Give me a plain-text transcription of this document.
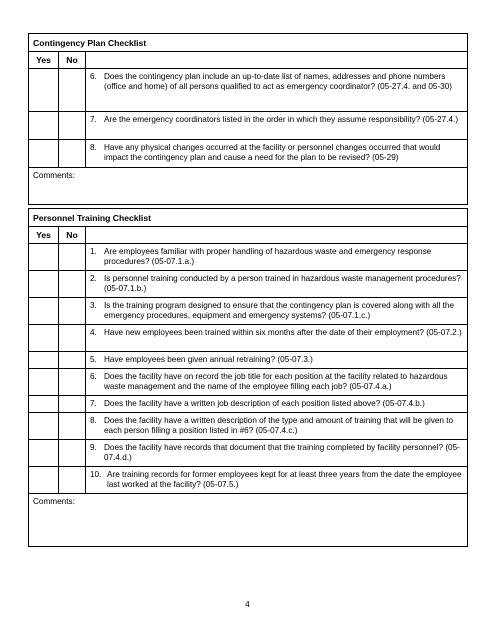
Contingency Plan Checklist		
Yes	No	

		6. Does the contingency plan include an up-to-date list of names, addresses and phone numbers (office and home) of all persons qualified to act as emergency coordinator? (05-27.4. and 05-30)

		7. Are the emergency coordinators listed in the order in which they assume responsibility? (05-27.4.)

		8. Have any physical changes occurred at the facility or personnel changes occurred that would impact the contingency plan and cause a need for the plan to be revised? (05-29)

Comments:		
Personnel Training Checklist		
Yes	No	

		1. Are employees familiar with proper handling of hazardous waste and emergency response procedures? (05-07.1.a.)

		2. Is personnel training conducted by a person trained in hazardous waste management procedures? (05-07.1.b.)

		3. Is the training program designed to ensure that the contingency plan is covered along with all the emergency procedures, equipment and emergency systems? (05-07.1.c.)

		4. Have new employees been trained within six months after the date of their employment? (05-07.2.)

		5. Have employees been given annual retraining? (05-07.3.)

		6. Does the facility have on record the job title for each position at the facility related to hazardous waste management and the name of the employee filling each job? (05-07.4.a.)

		7. Does the facility have a written job description of each position listed above? (05-07.4.b.)

		8. Does the facility have a written description of the type and amount of training that will be given to each person filling a position listed in #6? (05-07.4.c.)

		9. Does the facility have records that document that the training completed by facility personnel? (05-07.4.d.)

		10. Are training records for former employees kept for at least three years from the date the employee last worked at the facility? (05-07.5.)

Comments:		
4
